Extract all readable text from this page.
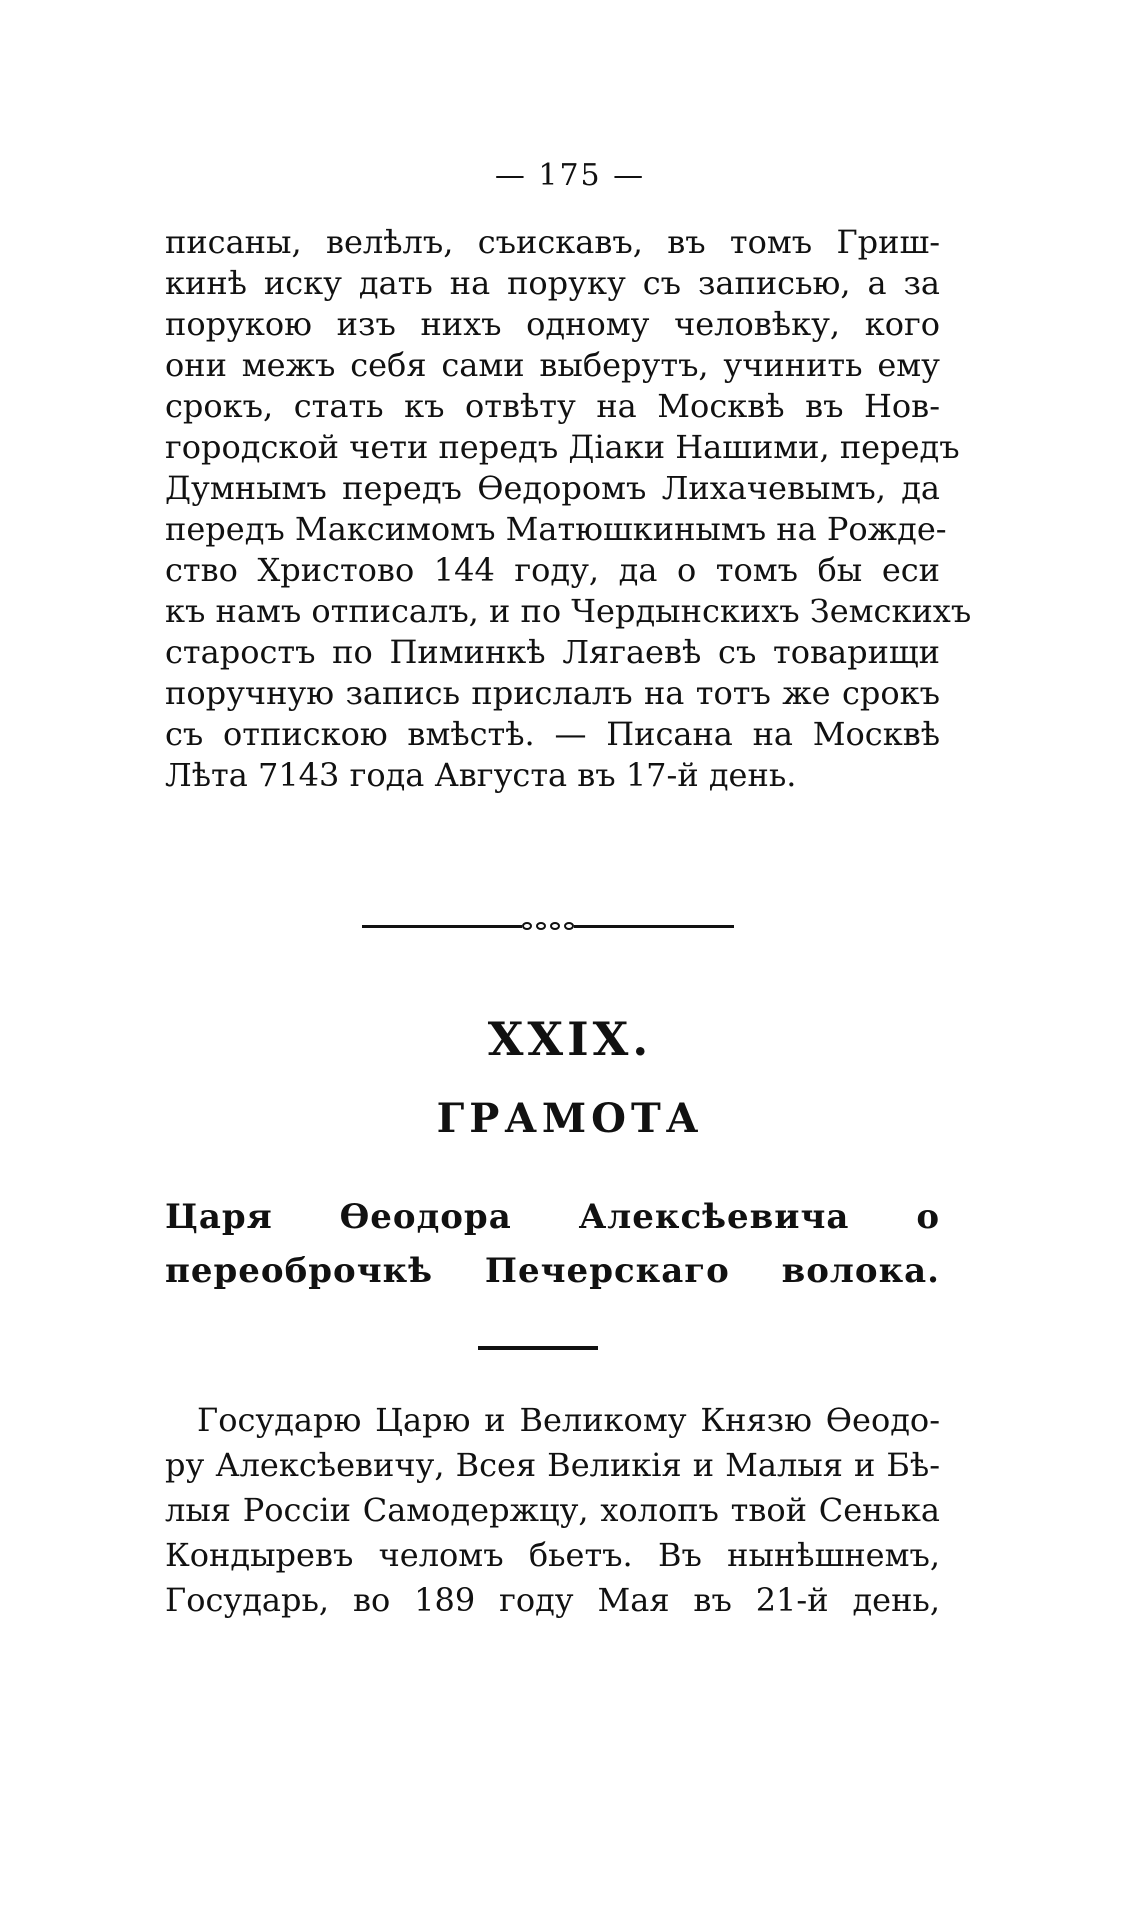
— 175 —
писаны, велѣлъ, съискавъ, въ томъ Гриш-
кинѣ иску дать на поруку съ записью, а за
порукою изъ нихъ одному человѣку, кого
они межъ себя сами выберутъ, учинить ему
срокъ, стать къ отвѣту на Москвѣ въ Нов-
городской чети передъ Дiаки Нашими, передъ
Думнымъ передъ Ѳедоромъ Лихачевымъ, да
передъ Максимомъ Матюшкинымъ на Рожде-
ство Христово 144 году, да о томъ бы еси
къ намъ отписалъ, и по Чердынскихъ Земскихъ
старостъ по Пиминкѣ Лягаевѣ съ товарищи
поручную запись прислалъ на тотъ же срокъ
съ отпискою вмѣстѣ. — Писана на Москвѣ
Лѣта 7143 года Августа въ 17-й день.
XXIX.
ГРАМОТА
Царя Ѳеодора Алексѣевича о
переоброчкѣ Печерскаго волока.
Государю Царю и Великому Князю Ѳеодо-
ру Алексѣевичу, Всея Великiя и Малыя и Бѣ-
лыя Россiи Самодержцу, холопъ твой Сенька
Кондыревъ челомъ бьетъ. Въ нынѣшнемъ,
Государь, во 189 году Мая въ 21-й день,
